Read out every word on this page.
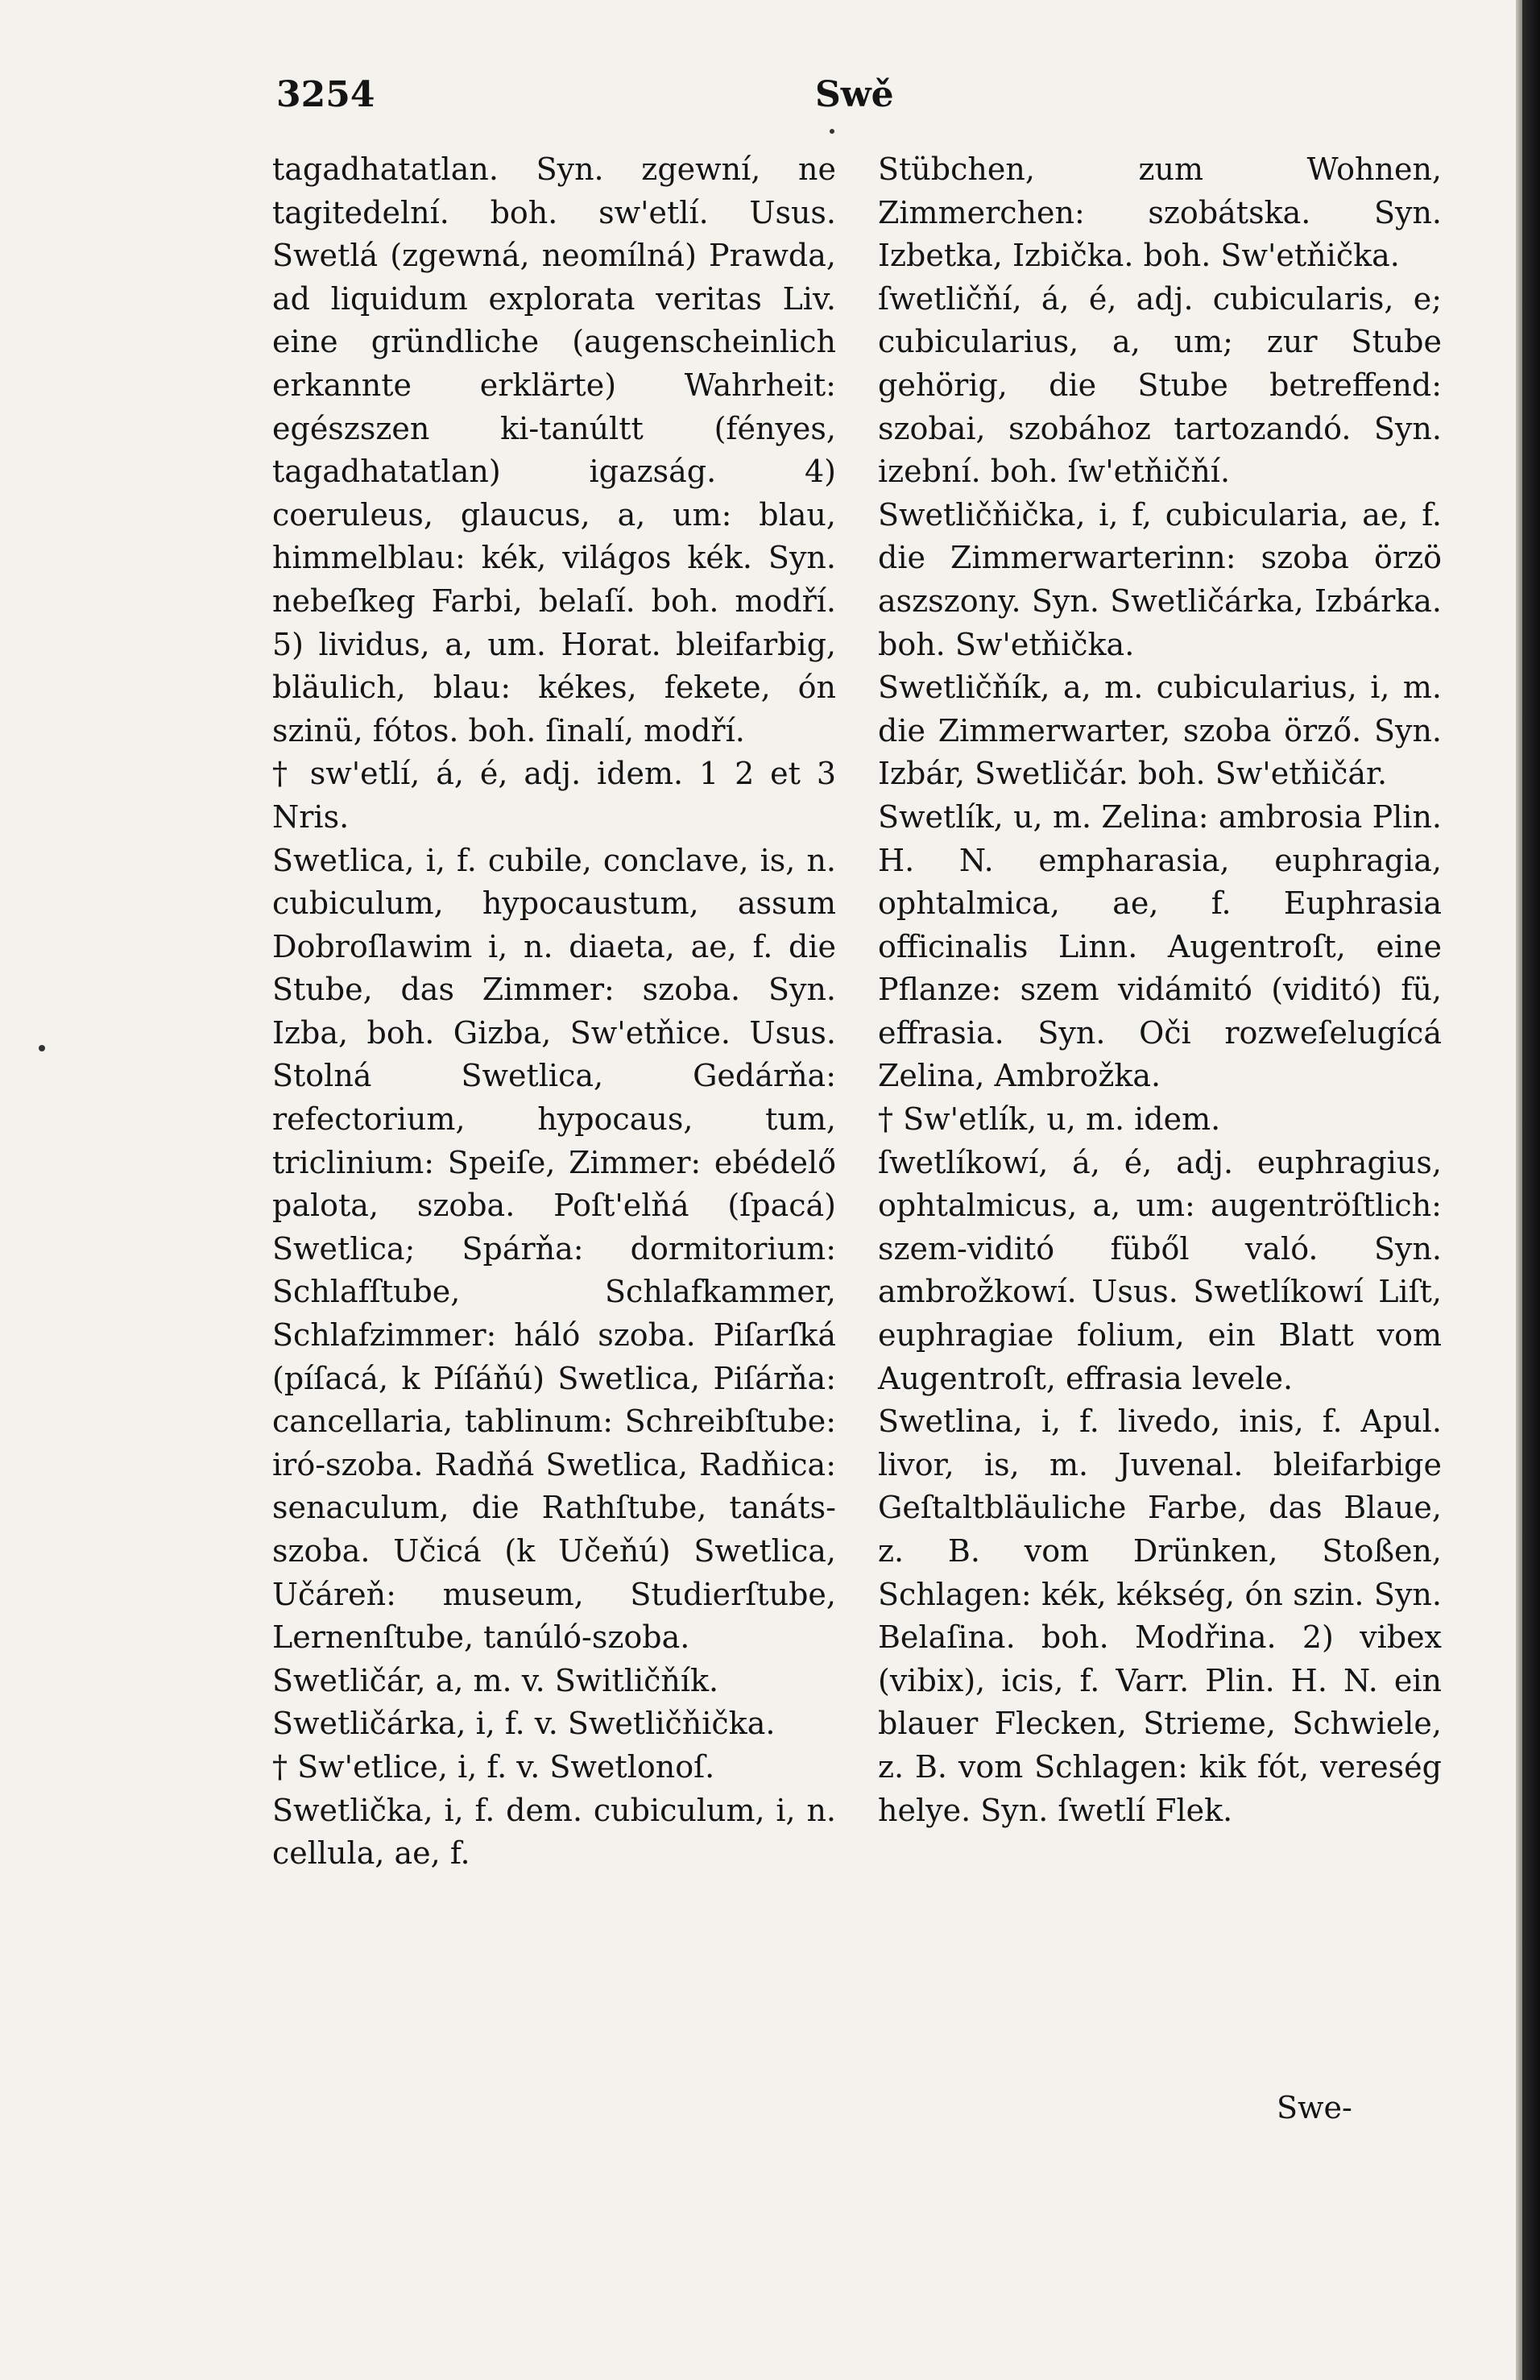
3254	Swě

tagadhatatlan. Syn. zgewní, ne tagitedelní. boh. sw'etlí. Usus. Swetlá (zgewná, neomílná) Prawda, ad liquidum explorata veritas Liv. eine gründliche (augenscheinlich erkannte erklärte) Wahrheit: egészszen ki-tanúltt (fényes, tagadhatatlan) igazság. 4) coeruleus, glaucus, a, um: blau, himmelblau: kék, világos kék. Syn. nebeſkeg Farbi, belaſí. boh. modří. 5) lividus, a, um. Horat. bleifarbig, bläulich, blau: kékes, fekete, ón szinü, fótos. boh. ſinalí, modří.

† sw'etlí, á, é, adj. idem. 1 2 et 3 Nris.

Swetlica, i, f. cubile, conclave, is, n. cubiculum, hypocaustum, assum Dobroſlawim i, n. diaeta, ae, f. die Stube, das Zimmer: szoba. Syn. Izba, boh. Gizba, Sw'etňice. Usus. Stolná Swetlica, Gedárňa: refectorium, hypocaus, tum, triclinium: Speiſe, Zimmer: ebédelő palota, szoba. Poſt'elňá (ſpacá) Swetlica; Spárňa: dormitorium: Schlafſtube, Schlafkammer, Schlafzimmer: háló szoba. Piſarſká (píſacá, k Píſáňú) Swetlica, Piſárňa: cancellaria, tablinum: Schreibſtube: iró-szoba. Radňá Swetlica, Radňica: senaculum, die Rathſtube, tanáts-szoba. Učicá (k Učeňú) Swetlica, Učáreň: museum, Studierſtube, Lernenſtube, tanúló-szoba.

Swetličár, a, m. v. Switličňík.

Swetličárka, i, f. v. Swetličňička.

† Sw'etlice, i, f. v. Swetlonoſ.

Swetlička, i, f. dem. cubiculum, i, n. cellula, ae, f.

Stübchen, zum Wohnen, Zimmerchen: szobátska. Syn. Izbetka, Izbička. boh. Sw'etňička.

ſwetličňí, á, é, adj. cubicularis, e; cubicularius, a, um; zur Stube gehörig, die Stube betreffend: szobai, szobához tartozandó. Syn. izební. boh. ſw'etňičňí.

Swetličňička, i, f, cubicularia, ae, f. die Zimmerwarterinn: szoba örzö aszszony. Syn. Swetličárka, Izbárka. boh. Sw'etňička.

Swetličňík, a, m. cubicularius, i, m. die Zimmerwarter, szoba örző. Syn. Izbár, Swetličár. boh. Sw'etňičár.

Swetlík, u, m. Zelina: ambrosia Plin. H. N. empharasia, euphragia, ophtalmica, ae, f. Euphrasia officinalis Linn. Augentroſt, eine Pflanze: szem vidámitó (viditó) fü, effrasia. Syn. Oči rozweſelugícá Zelina, Ambrožka.

† Sw'etlík, u, m. idem.

ſwetlíkowí, á, é, adj. euphragius, ophtalmicus, a, um: augentröſtlich: szem-viditó füből való. Syn. ambrožkowí. Usus. Swetlíkowí Liſt, euphragiae folium, ein Blatt vom Augentroſt, effrasia levele.

Swetlina, i, f. livedo, inis, f. Apul. livor, is, m. Juvenal. bleifarbige Geſtaltbläuliche Farbe, das Blaue, z. B. vom Drünken, Stoßen, Schlagen: kék, kékség, ón szin. Syn. Belaſina. boh. Modřina. 2) vibex (vibix), icis, f. Varr. Plin. H. N. ein blauer Flecken, Strieme, Schwiele, z. B. vom Schlagen: kik fót, vereség helye. Syn. ſwetlí Flek.

Swe-
